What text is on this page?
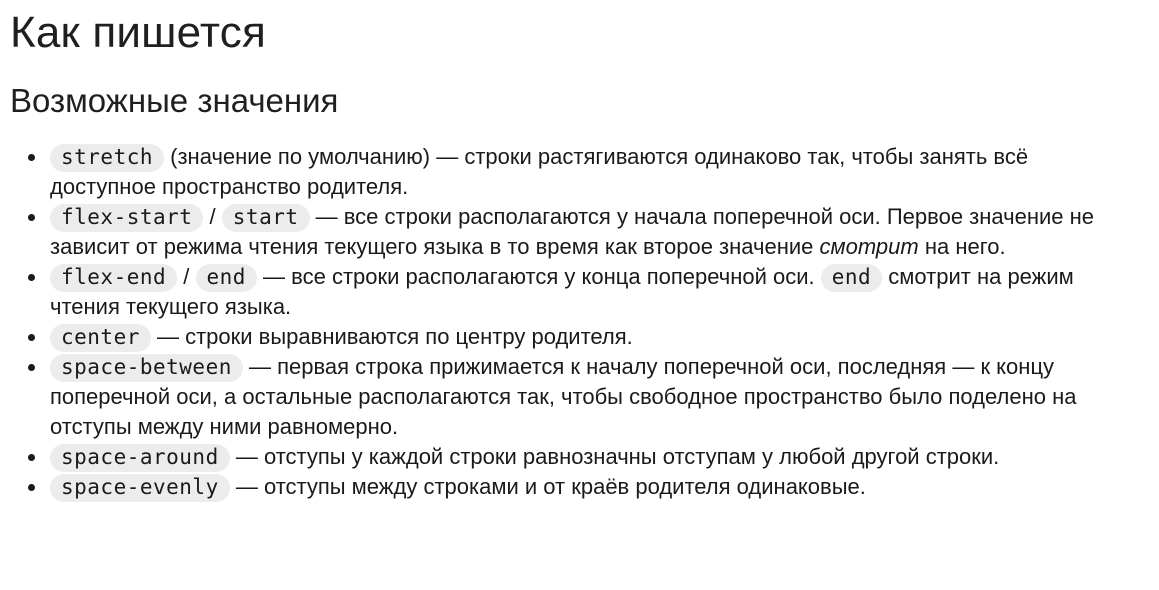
Как пишется
Возможные значения
stretch (значение по умолчанию) — строки растягиваются одинаково так, чтобы занять всё доступное пространство родителя.
flex-start / start — все строки располагаются у начала поперечной оси. Первое значение не зависит от режима чтения текущего языка в то время как второе значение смотрит на него.
flex-end / end — все строки располагаются у конца поперечной оси. end смотрит на режим чтения текущего языка.
center — строки выравниваются по центру родителя.
space-between — первая строка прижимается к началу поперечной оси, последняя — к концу поперечной оси, а остальные располагаются так, чтобы свободное пространство было поделено на отступы между ними равномерно.
space-around — отступы у каждой строки равнозначны отступам у любой другой строки.
space-evenly — отступы между строками и от краёв родителя одинаковые.
